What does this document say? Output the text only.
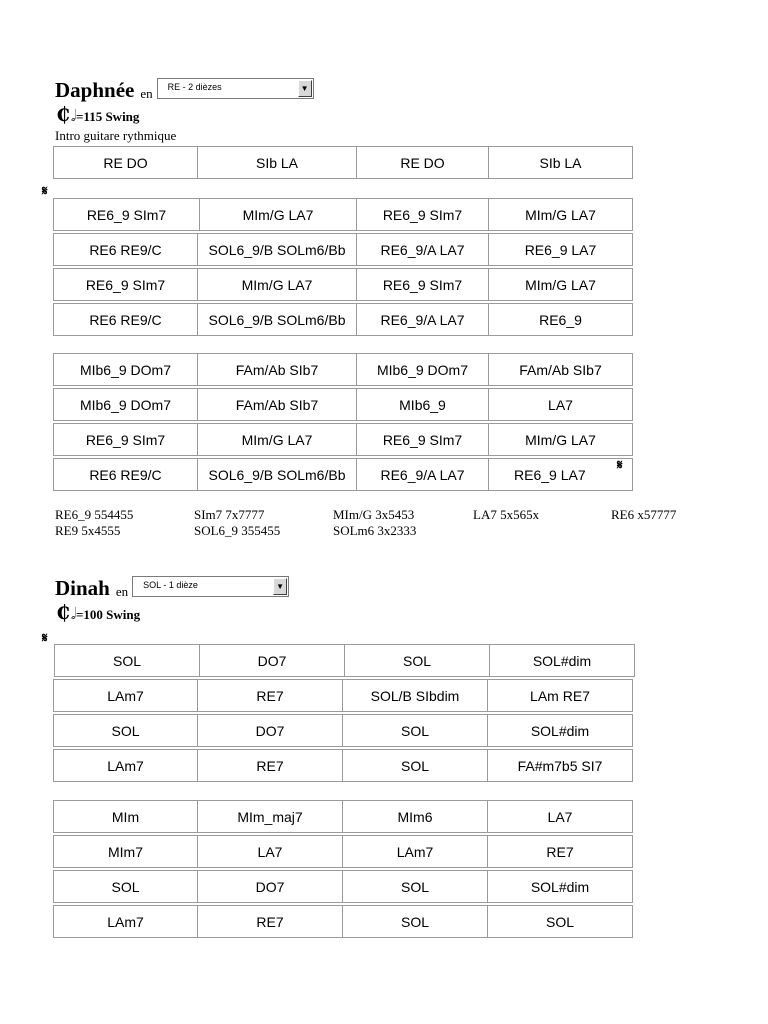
Daphnée en RE - 2 dièzes	▼
₵ 𝅗𝅥 =115 Swing
Intro guitare rythmique
RE DO	SIb LA	RE DO	SIb LA
𝄋
RE6_9 SIm7	MIm/G LA7	RE6_9 SIm7	MIm/G LA7
RE6 RE9/C	SOL6_9/B SOLm6/Bb	RE6_9/A LA7	RE6_9 LA7
RE6_9 SIm7	MIm/G LA7	RE6_9 SIm7	MIm/G LA7
RE6 RE9/C	SOL6_9/B SOLm6/Bb	RE6_9/A LA7	RE6_9
MIb6_9 DOm7	FAm/Ab SIb7	MIb6_9 DOm7	FAm/Ab SIb7
MIb6_9 DOm7	FAm/Ab SIb7	MIb6_9	LA7
RE6_9 SIm7	MIm/G LA7	RE6_9 SIm7	MIm/G LA7
RE6 RE9/C	SOL6_9/B SOLm6/Bb	RE6_9/A LA7	RE6_9 LA7
𝄋
RE6_9 554455	SIm7 7x7777	MIm/G 3x5453	LA7 5x565x	RE6 x57777
RE9 5x4555	SOL6_9 355455	SOLm6 3x2333
Dinah en SOL - 1 dièze	▼
₵ 𝅗𝅥 =100 Swing
𝄋
SOL	DO7	SOL	SOL#dim
LAm7	RE7	SOL/B SIbdim	LAm RE7
SOL	DO7	SOL	SOL#dim
LAm7	RE7	SOL	FA#m7b5 SI7
MIm	MIm_maj7	MIm6	LA7
MIm7	LA7	LAm7	RE7
SOL	DO7	SOL	SOL#dim
LAm7	RE7	SOL	SOL
